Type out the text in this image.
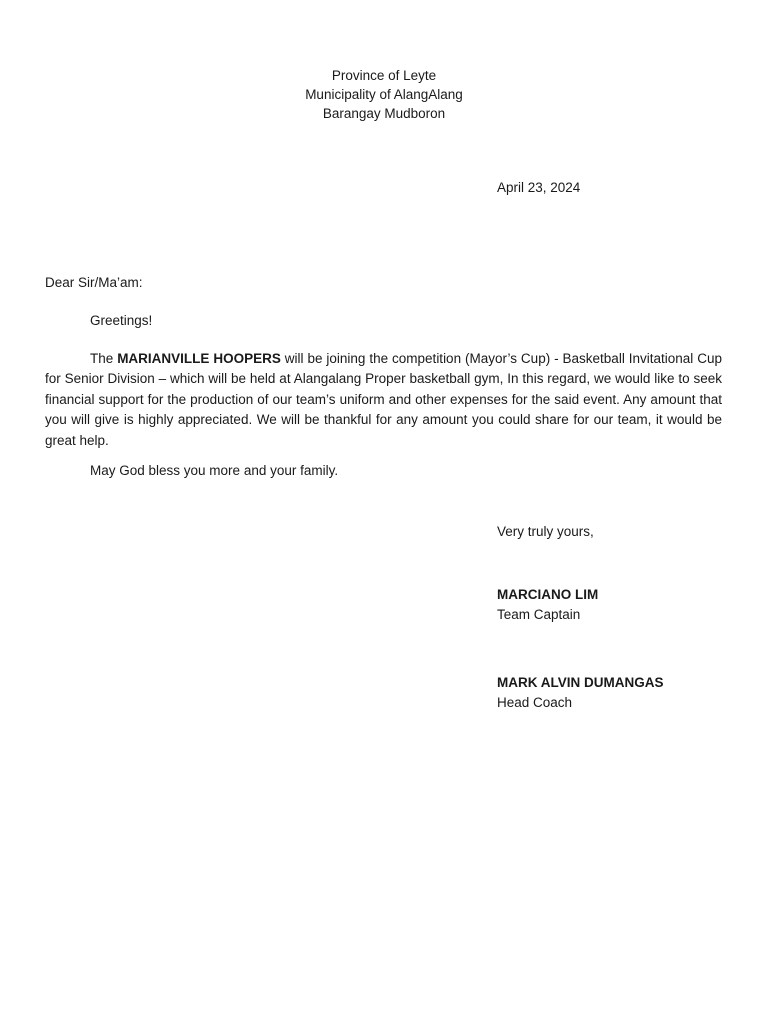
Province of Leyte
Municipality of AlangAlang
Barangay Mudboron
April 23, 2024
Dear Sir/Ma’am:
Greetings!
The MARIANVILLE HOOPERS will be joining the competition (Mayor’s Cup) - Basketball Invitational Cup for Senior Division – which will be held at Alangalang Proper basketball gym, In this regard, we would like to seek financial support for the production of our team’s uniform and other expenses for the said event. Any amount that you will give is highly appreciated. We will be thankful for any amount you could share for our team, it would be great help.
May God bless you more and your family.
Very truly yours,
MARCIANO LIM
Team Captain
MARK ALVIN DUMANGAS
Head Coach
